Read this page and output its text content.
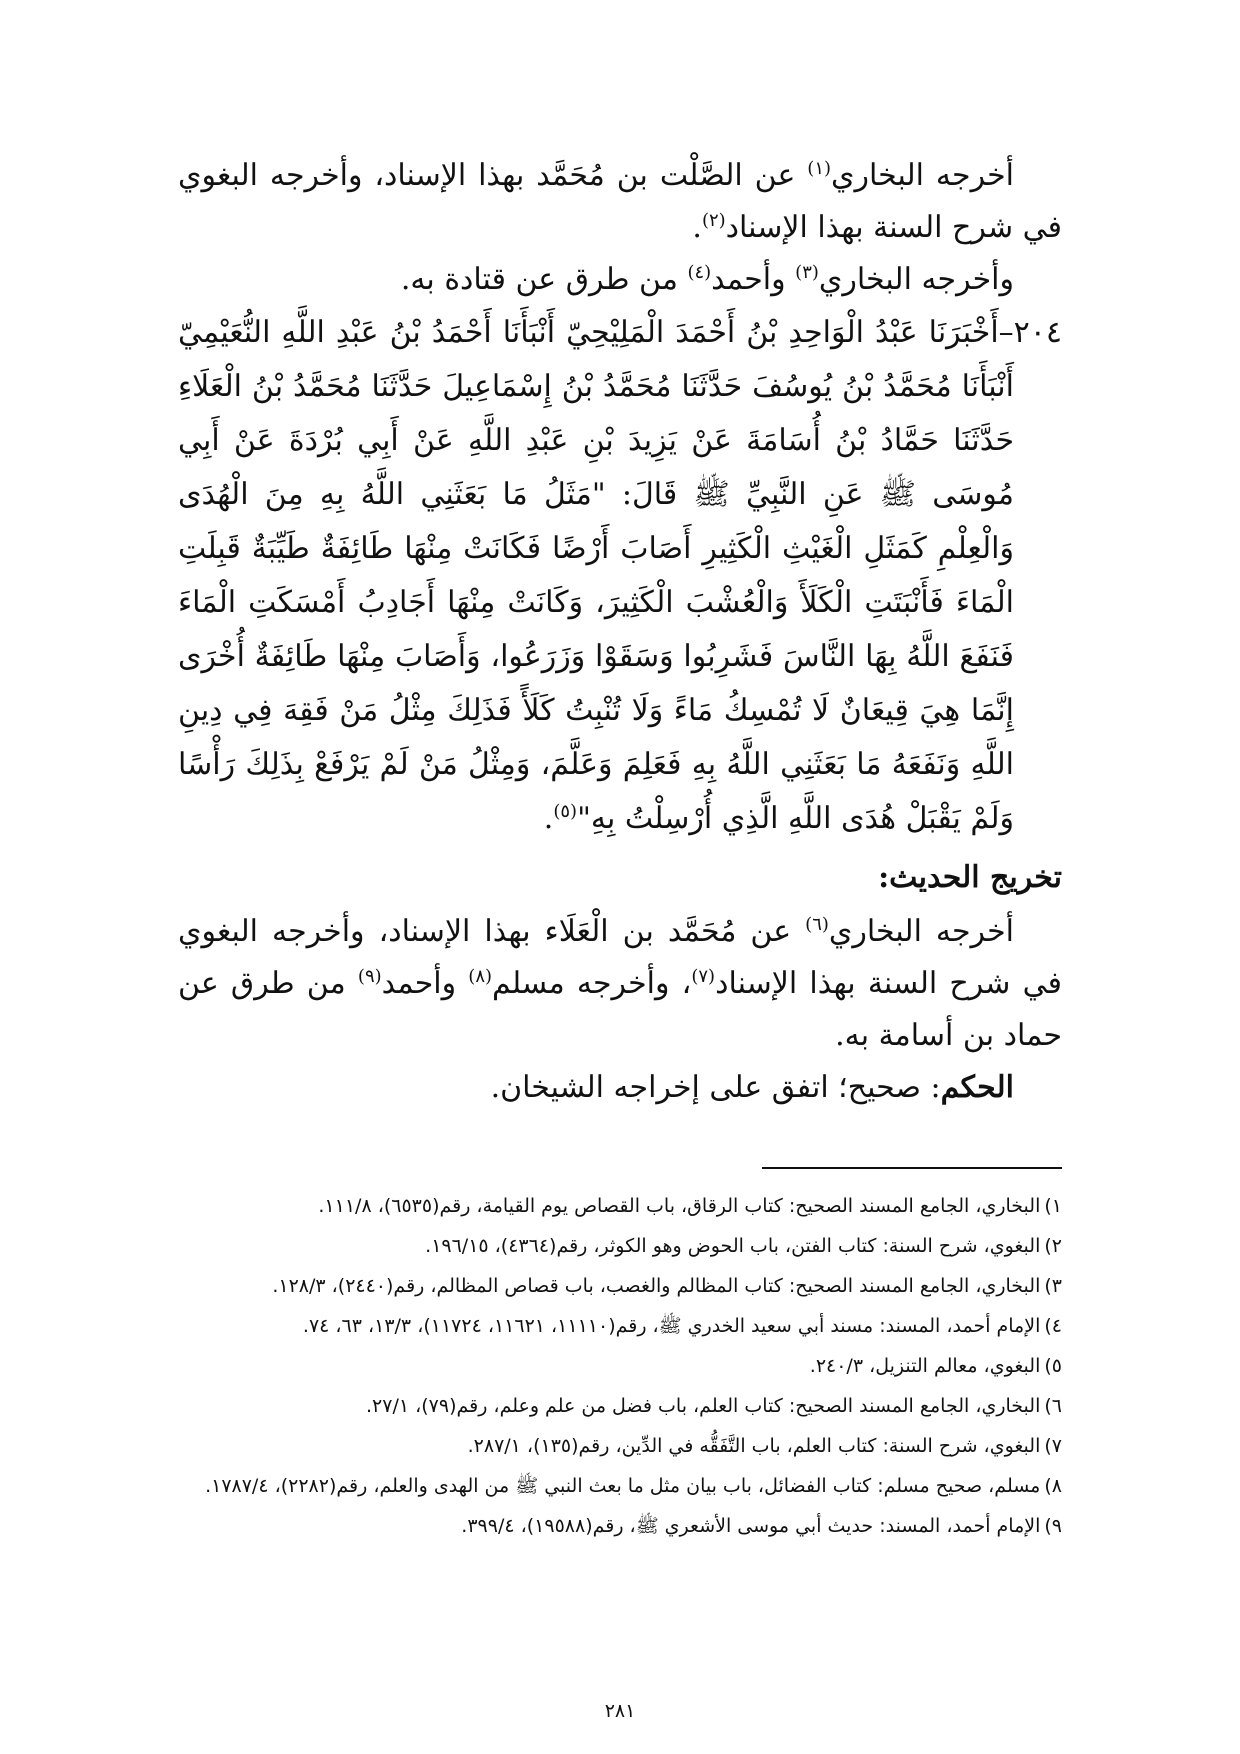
أخرجه البخاري$^{(١)}$ عن الصَّلْت بن مُحَمَّد بهذا الإسناد، وأخرجه البغوي في شرح السنة بهذا الإسناد$^{(٢)}$.

وأخرجه البخاري$^{(٣)}$ وأحمد$^{(٤)}$ من طرق عن قتادة به.

٢٠٤–أَخْبَرَنَا عَبْدُ الْوَاحِدِ بْنُ أَحْمَدَ الْمَلِيْحِيّ أَنْبَأَنَا أَحْمَدُ بْنُ عَبْدِ اللَّهِ النُّعَيْمِيّ أَنْبَأَنَا مُحَمَّدُ بْنُ يُوسُفَ حَدَّثَنَا مُحَمَّدُ بْنُ إِسْمَاعِيلَ حَدَّثَنَا مُحَمَّدُ بْنُ الْعَلَاءِ حَدَّثَنَا حَمَّادُ بْنُ أُسَامَةَ عَنْ يَزِيدَ بْنِ عَبْدِ اللَّهِ عَنْ أَبِي بُرْدَةَ عَنْ أَبِي مُوسَى ﷺ عَنِ النَّبِيِّ ﷺ قَالَ: "مَثَلُ مَا بَعَثَنِي اللَّهُ بِهِ مِنَ الْهُدَى وَالْعِلْمِ كَمَثَلِ الْغَيْثِ الْكَثِيرِ أَصَابَ أَرْضًا فَكَانَتْ مِنْهَا طَائِفَةٌ طَيِّبَةٌ قَبِلَتِ الْمَاءَ فَأَنْبَتَتِ الْكَلَأَ وَالْعُشْبَ الْكَثِيرَ، وَكَانَتْ مِنْهَا أَجَادِبُ أَمْسَكَتِ الْمَاءَ فَنَفَعَ اللَّهُ بِهَا النَّاسَ فَشَرِبُوا وَسَقَوْا وَزَرَعُوا، وَأَصَابَ مِنْهَا طَائِفَةٌ أُخْرَى إِنَّمَا هِيَ قِيعَانٌ لَا تُمْسِكُ مَاءً وَلَا تُنْبِتُ كَلَأً فَذَلِكَ مِثْلُ مَنْ فَقِهَ فِي دِينِ اللَّهِ وَنَفَعَهُ مَا بَعَثَنِي اللَّهُ بِهِ فَعَلِمَ وَعَلَّمَ، وَمِثْلُ مَنْ لَمْ يَرْفَعْ بِذَلِكَ رَأْسًا وَلَمْ يَقْبَلْ هُدَى اللَّهِ الَّذِي أُرْسِلْتُ بِهِ"$^{(٥)}$.

تخريج الحديث:

أخرجه البخاري$^{(٦)}$ عن مُحَمَّد بن الْعَلَاء بهذا الإسناد، وأخرجه البغوي في شرح السنة بهذا الإسناد$^{(٧)}$، وأخرجه مسلم$^{(٨)}$ وأحمد$^{(٩)}$ من طرق عن حماد بن أسامة به.

الحكم: صحيح؛ اتفق على إخراجه الشيخان.

١)البخاري، الجامع المسند الصحيح: كتاب الرقاق، باب القصاص يوم القيامة، رقم(٦٥٣٥)، ١١١/٨.

٢)البغوي، شرح السنة: كتاب الفتن، باب الحوض وهو الكوثر، رقم(٤٣٦٤)، ١٩٦/١٥.

٣)البخاري، الجامع المسند الصحيح: كتاب المظالم والغصب، باب قصاص المظالم، رقم(٢٤٤٠)، ١٢٨/٣.

٤)الإمام أحمد، المسند: مسند أبي سعيد الخدري ﷺ، رقم(١١١١٠، ١١٦٢١، ١١٧٢٤)، ١٣/٣، ٦٣، ٧٤.

٥)البغوي، معالم التنزيل، ٢٤٠/٣.

٦)البخاري، الجامع المسند الصحيح: كتاب العلم، باب فضل من علم وعلم، رقم(٧٩)، ٢٧/١.

٧)البغوي، شرح السنة: كتاب العلم، باب التَّفَقُّه في الدِّين، رقم(١٣٥)، ٢٨٧/١.

٨)مسلم، صحيح مسلم: كتاب الفضائل، باب بيان مثل ما بعث النبي ﷺ من الهدى والعلم، رقم(٢٢٨٢)، ١٧٨٧/٤.

٩)الإمام أحمد، المسند: حديث أبي موسى الأشعري ﷺ، رقم(١٩٥٨٨)، ٣٩٩/٤.

٢٨١
